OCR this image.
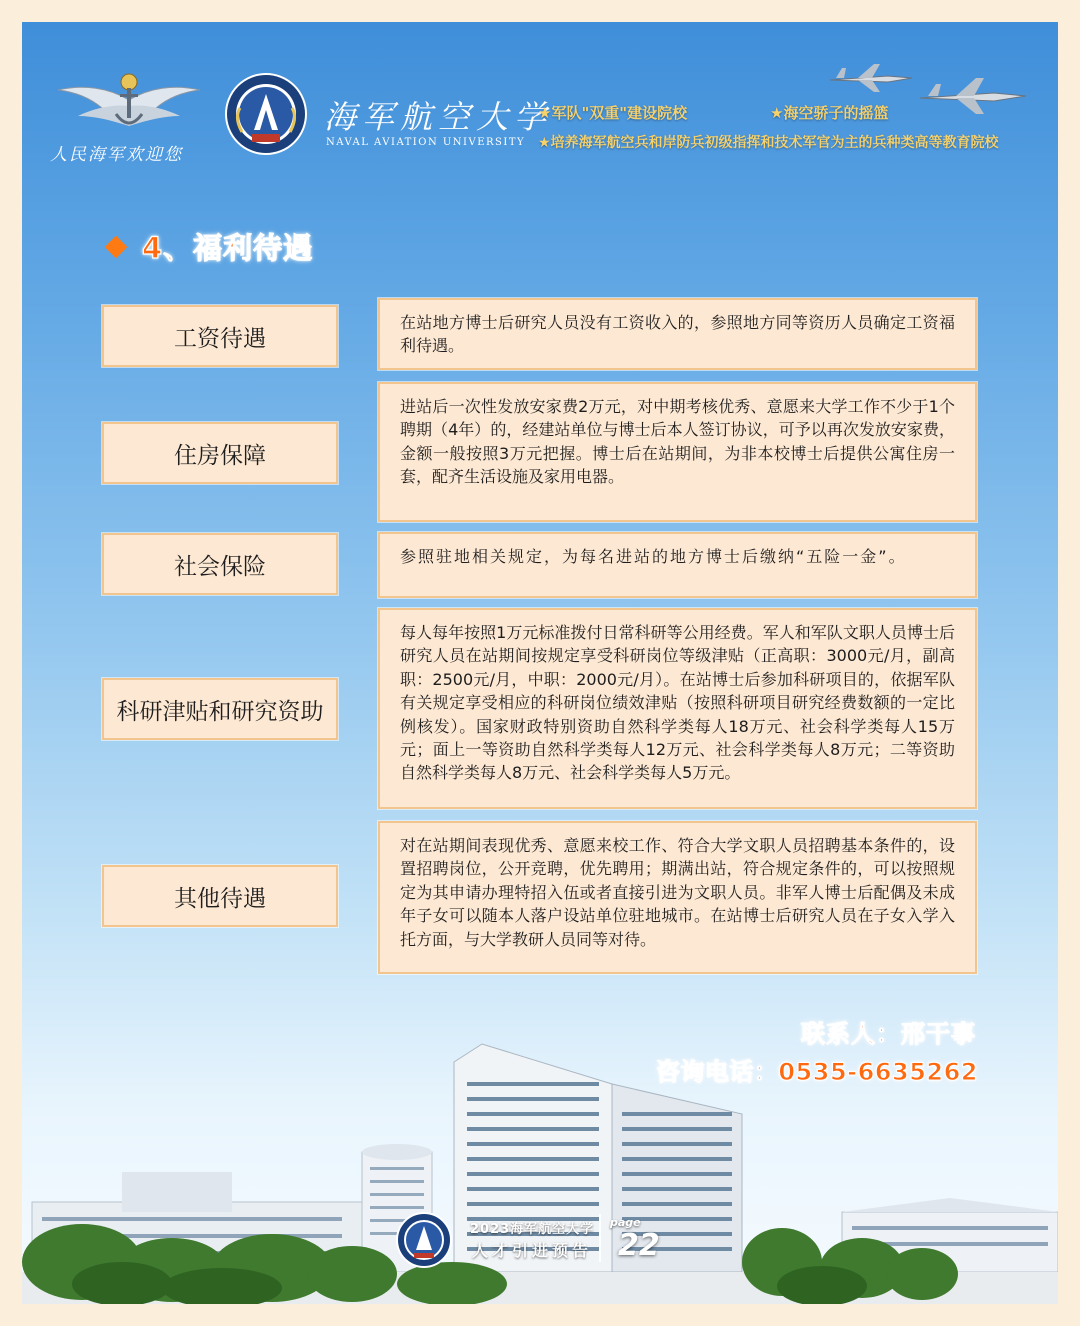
人民海军欢迎您
海军航空大学
NAVAL AVIATION UNIVERSITY
★军队"双重"建设院校	★海空骄子的摇篮
★培养海军航空兵和岸防兵初级指挥和技术军官为主的兵种类高等教育院校
4、福利待遇
工资待遇
在站地方博士后研究人员没有工资收入的，参照地方同等资历人员确定工资福利待遇。
住房保障
进站后一次性发放安家费2万元，对中期考核优秀、意愿来大学工作不少于1个聘期（4年）的，经建站单位与博士后本人签订协议，可予以再次发放安家费，金额一般按照3万元把握。博士后在站期间，为非本校博士后提供公寓住房一套，配齐生活设施及家用电器。
社会保险	参照驻地相关规定，为每名进站的地方博士后缴纳“五险一金”。
科研津贴和研究资助
每人每年按照1万元标准拨付日常科研等公用经费。军人和军队文职人员博士后研究人员在站期间按规定享受科研岗位等级津贴（正高职：3000元/月，副高职：2500元/月，中职：2000元/月）。在站博士后参加科研项目的，依据军队有关规定享受相应的科研岗位绩效津贴（按照科研项目研究经费数额的一定比例核发）。国家财政特别资助自然科学类每人18万元、社会科学类每人15万元；面上一等资助自然科学类每人12万元、社会科学类每人8万元；二等资助自然科学类每人8万元、社会科学类每人5万元。
其他待遇
对在站期间表现优秀、意愿来校工作、符合大学文职人员招聘基本条件的，设置招聘岗位，公开竞聘，优先聘用；期满出站，符合规定条件的，可以按照规定为其申请办理特招入伍或者直接引进为文职人员。非军人博士后配偶及未成年子女可以随本人落户设站单位驻地城市。在站博士后研究人员在子女入学入托方面，与大学教研人员同等对待。
联系人：邢干事
咨询电话：0535-6635262
2023海军航空大学
人才引进预告
page
22
